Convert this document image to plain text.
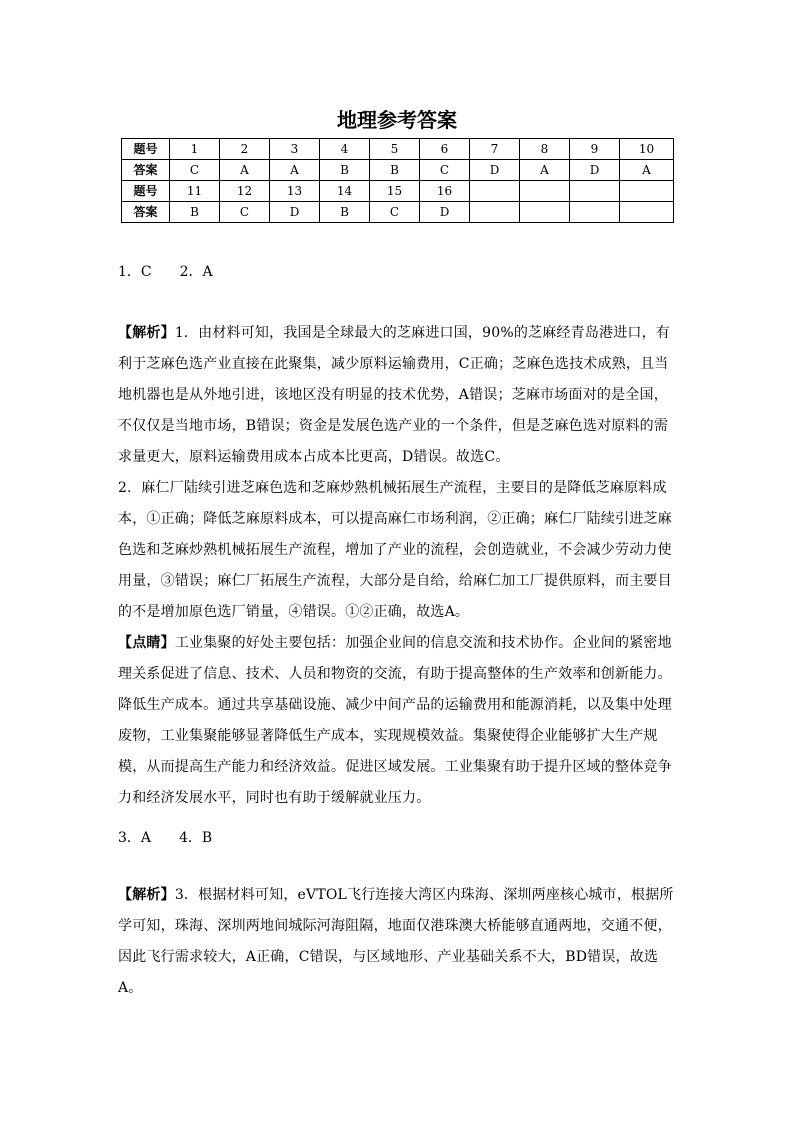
地理参考答案
题号	1	2	3	4	5	6	7	8	9	10
答案	C	A	A	B	B	C	D	A	D	A
题号	11	12	13	14	15	16				
答案	B	C	D	B	C	D				
1．C　　2．A
【解析】1．由材料可知，我国是全球最大的芝麻进口国，90%的芝麻经青岛港进口，有利于芝麻色选产业直接在此聚集，减少原料运输费用，C正确；芝麻色选技术成熟，且当地机器也是从外地引进，该地区没有明显的技术优势，A错误；芝麻市场面对的是全国，不仅仅是当地市场，B错误；资金是发展色选产业的一个条件，但是芝麻色选对原料的需求量更大，原料运输费用成本占成本比更高，D错误。故选C。
2．麻仁厂陆续引进芝麻色选和芝麻炒熟机械拓展生产流程，主要目的是降低芝麻原料成本，①正确；降低芝麻原料成本，可以提高麻仁市场利润，②正确；麻仁厂陆续引进芝麻色选和芝麻炒熟机械拓展生产流程，增加了产业的流程，会创造就业，不会减少劳动力使用量，③错误；麻仁厂拓展生产流程，大部分是自给，给麻仁加工厂提供原料，而主要目的不是增加原色选厂销量，④错误。①②正确，故选A。
【点睛】工业集聚的好处主要包括：加强企业间的信息交流和技术协作。企业间的紧密地理关系促进了信息、技术、人员和物资的交流，有助于提高整体的生产效率和创新能力。降低生产成本。通过共享基础设施、减少中间产品的运输费用和能源消耗，以及集中处理废物，工业集聚能够显著降低生产成本，实现规模效益。集聚使得企业能够扩大生产规模，从而提高生产能力和经济效益。促进区域发展。工业集聚有助于提升区域的整体竞争力和经济发展水平，同时也有助于缓解就业压力。
3．A　　4．B
【解析】3．根据材料可知，eVTOL飞行连接大湾区内珠海、深圳两座核心城市，根据所学可知，珠海、深圳两地间城际河海阻隔，地面仅港珠澳大桥能够直通两地，交通不便，因此飞行需求较大，A正确，C错误，与区域地形、产业基础关系不大，BD错误，故选A。
